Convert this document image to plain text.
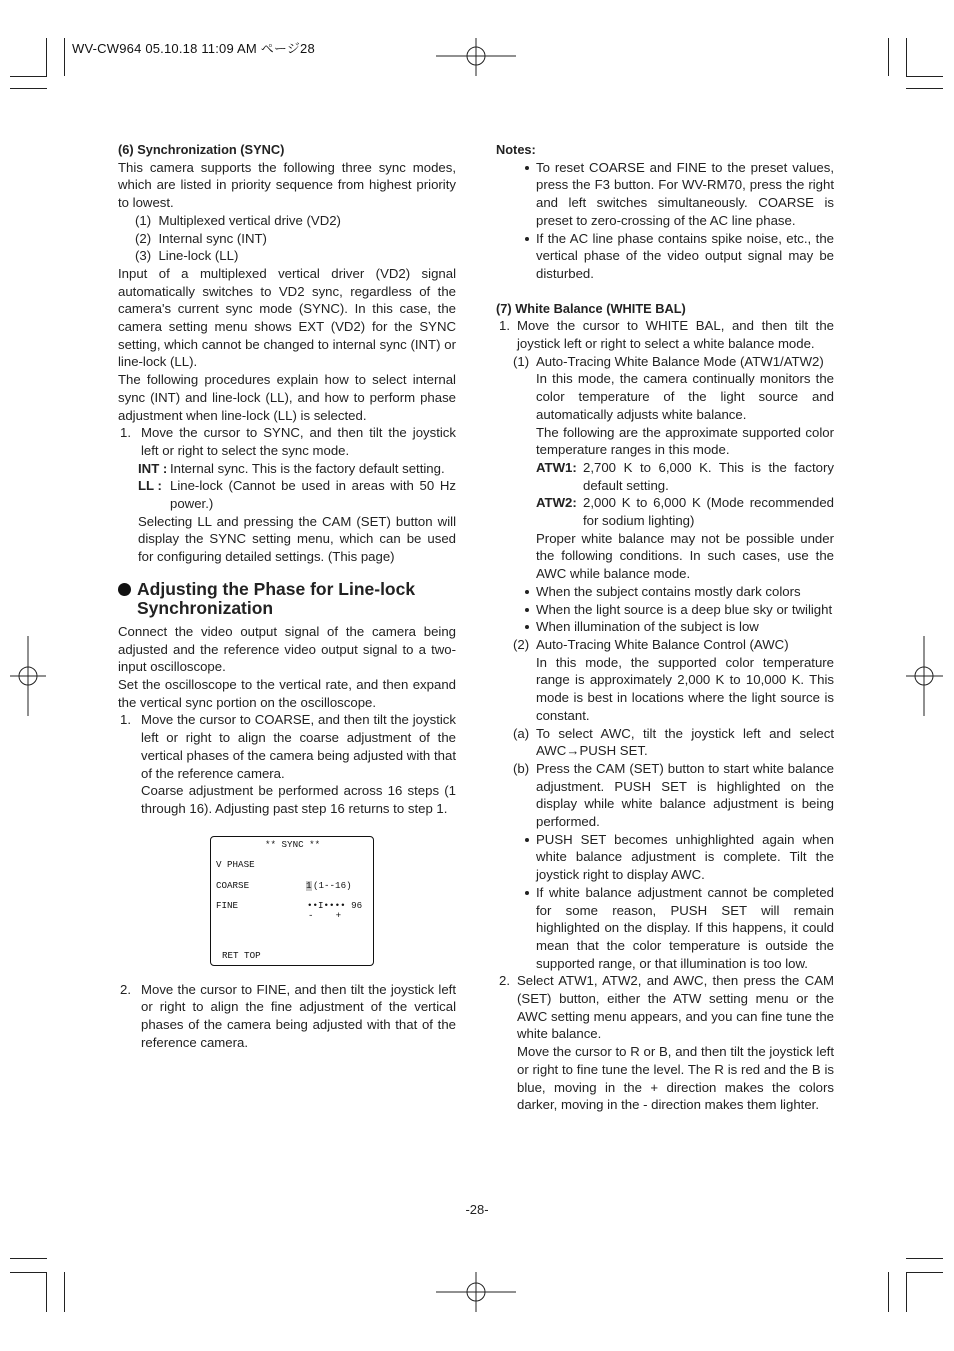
WV-CW964 05.10.18 11:09 AM ページ28

(6) Synchronization (SYNC)

This camera supports the following three sync modes, which are listed in priority sequence from highest priority to lowest.

(1) Multiplexed vertical drive (VD2)

(2) Internal sync (INT)

(3) Line-lock (LL)

Input of a multiplexed vertical driver (VD2) signal automatically switches to VD2 sync, regardless of the camera's current sync mode (SYNC). In this case, the camera setting menu shows EXT (VD2) for the SYNC setting, which cannot be changed to internal sync (INT) or line-lock (LL).

The following procedures explain how to select internal sync (INT) and line-lock (LL), and how to perform phase adjustment when line-lock (LL) is selected.

1. Move the cursor to SYNC, and then tilt the joystick left or right to select the sync mode.

INT : Internal sync. This is the factory default setting.

LL : Line-lock (Cannot be used in areas with 50 Hz power.)

Selecting LL and pressing the CAM (SET) button will display the SYNC setting menu, which can be used for configuring detailed settings. (This page)

Adjusting the Phase for Line-lock Synchronization

Connect the video output signal of the camera being adjusted and the reference video output signal to a two-input oscilloscope.

Set the oscilloscope to the vertical rate, and then expand the vertical sync portion on the oscilloscope.

1. Move the cursor to COARSE, and then tilt the joystick left or right to align the coarse adjustment of the vertical phases of the camera being adjusted with that of the reference camera.

Coarse adjustment be performed across 16 steps (1 through 16). Adjusting past step 16 returns to step 1.

** SYNC **
V PHASE
COARSE	1 (1--16)
FINE	••I•••• 96
-    +
RET TOP
2. Move the cursor to FINE, and then tilt the joystick left or right to align the fine adjustment of the vertical phases of the camera being adjusted with that of the reference camera.

Notes:

To reset COARSE and FINE to the preset values, press the F3 button. For WV-RM70, press the right and left switches simultaneously. COARSE is preset to zero-crossing of the AC line phase.

If the AC line phase contains spike noise, etc., the vertical phase of the video output signal may be disturbed.

(7) White Balance (WHITE BAL)

1. Move the cursor to WHITE BAL, and then tilt the joystick left or right to select a white balance mode.

(1) Auto-Tracing White Balance Mode (ATW1/ATW2)

In this mode, the camera continually monitors the color temperature of the light source and automatically adjusts white balance.

The following are the approximate supported color temperature ranges in this mode.

ATW1: 2,700 K to 6,000 K. This is the factory default setting.

ATW2: 2,000 K to 6,000 K (Mode recommended for sodium lighting)

Proper white balance may not be possible under the following conditions. In such cases, use the AWC while balance mode.

When the subject contains mostly dark colors

When the light source is a deep blue sky or twilight

When illumination of the subject is low

(2) Auto-Tracing White Balance Control (AWC)

In this mode, the supported color temperature range is approximately 2,000 K to 10,000 K. This mode is best in locations where the light source is constant.

(a) To select AWC, tilt the joystick left and select AWC→PUSH SET.

(b) Press the CAM (SET) button to start white balance adjustment. PUSH SET is highlighted on the display while white balance adjustment is being performed.

PUSH SET becomes unhighlighted again when white balance adjustment is complete. Tilt the joystick right to display AWC.

If white balance adjustment cannot be completed for some reason, PUSH SET will remain highlighted on the display. If this happens, it could mean that the color temperature is outside the supported range, or that illumination is too low.

2. Select ATW1, ATW2, and AWC, then press the CAM (SET) button, either the ATW setting menu or the AWC setting menu appears, and you can fine tune the white balance.

Move the cursor to R or B, and then tilt the joystick left or right to fine tune the level. The R is red and the B is blue, moving in the + direction makes the colors darker, moving in the - direction makes them lighter.

-28-
